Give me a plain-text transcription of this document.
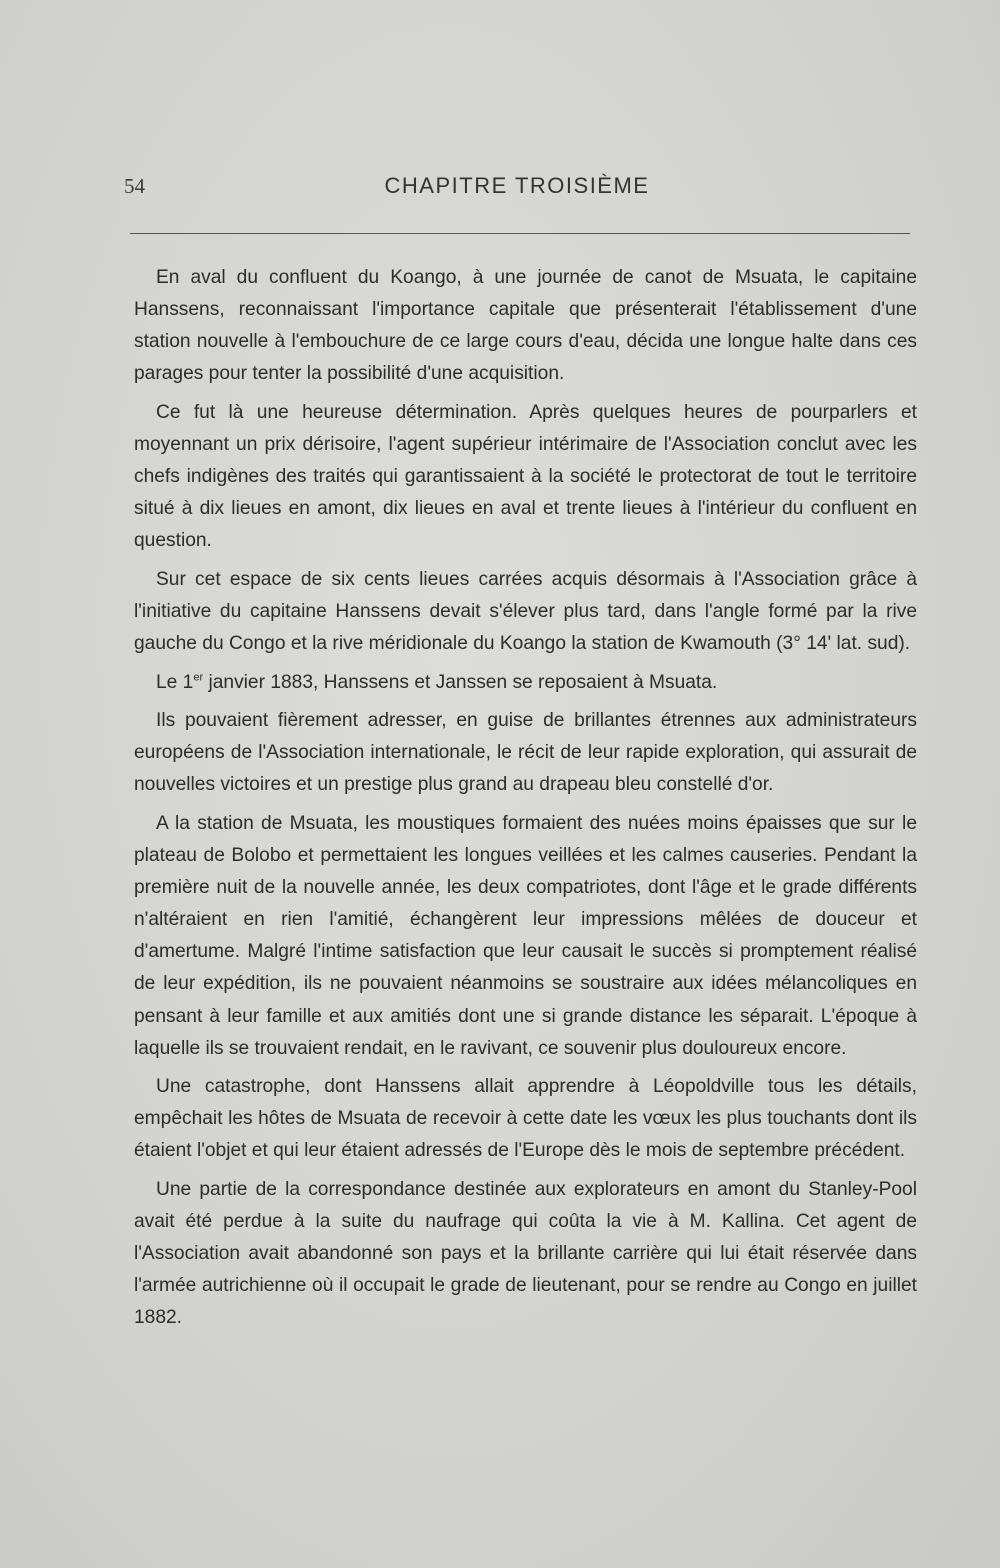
54	CHAPITRE TROISIÈME

En aval du confluent du Koango, à une journée de canot de Msuata, le capitaine Hanssens, reconnaissant l'importance capitale que présenterait l'établissement d'une station nouvelle à l'embouchure de ce large cours d'eau, décida une longue halte dans ces parages pour tenter la possibilité d'une acquisition.

Ce fut là une heureuse détermination. Après quelques heures de pourparlers et moyennant un prix dérisoire, l'agent supérieur intérimaire de l'Association conclut avec les chefs indigènes des traités qui garantissaient à la société le protectorat de tout le territoire situé à dix lieues en amont, dix lieues en aval et trente lieues à l'intérieur du confluent en question.

Sur cet espace de six cents lieues carrées acquis désormais à l'Association grâce à l'initiative du capitaine Hanssens devait s'élever plus tard, dans l'angle formé par la rive gauche du Congo et la rive méridionale du Koango la station de Kwamouth (3° 14' lat. sud).

Le 1er janvier 1883, Hanssens et Janssen se reposaient à Msuata.

Ils pouvaient fièrement adresser, en guise de brillantes étrennes aux administrateurs européens de l'Association internationale, le récit de leur rapide exploration, qui assurait de nouvelles victoires et un prestige plus grand au drapeau bleu constellé d'or.

A la station de Msuata, les moustiques formaient des nuées moins épaisses que sur le plateau de Bolobo et permettaient les longues veillées et les calmes causeries. Pendant la première nuit de la nouvelle année, les deux compatriotes, dont l'âge et le grade différents n'altéraient en rien l'amitié, échangèrent leur impressions mêlées de douceur et d'amertume. Malgré l'intime satisfaction que leur causait le succès si promptement réalisé de leur expédition, ils ne pouvaient néanmoins se soustraire aux idées mélancoliques en pensant à leur famille et aux amitiés dont une si grande distance les séparait. L'époque à laquelle ils se trouvaient rendait, en le ravivant, ce souvenir plus douloureux encore.

Une catastrophe, dont Hanssens allait apprendre à Léopoldville tous les détails, empêchait les hôtes de Msuata de recevoir à cette date les vœux les plus touchants dont ils étaient l'objet et qui leur étaient adressés de l'Europe dès le mois de septembre précédent.

Une partie de la correspondance destinée aux explorateurs en amont du Stanley-Pool avait été perdue à la suite du naufrage qui coûta la vie à M. Kallina. Cet agent de l'Association avait abandonné son pays et la brillante carrière qui lui était réservée dans l'armée autrichienne où il occupait le grade de lieutenant, pour se rendre au Congo en juillet 1882.
